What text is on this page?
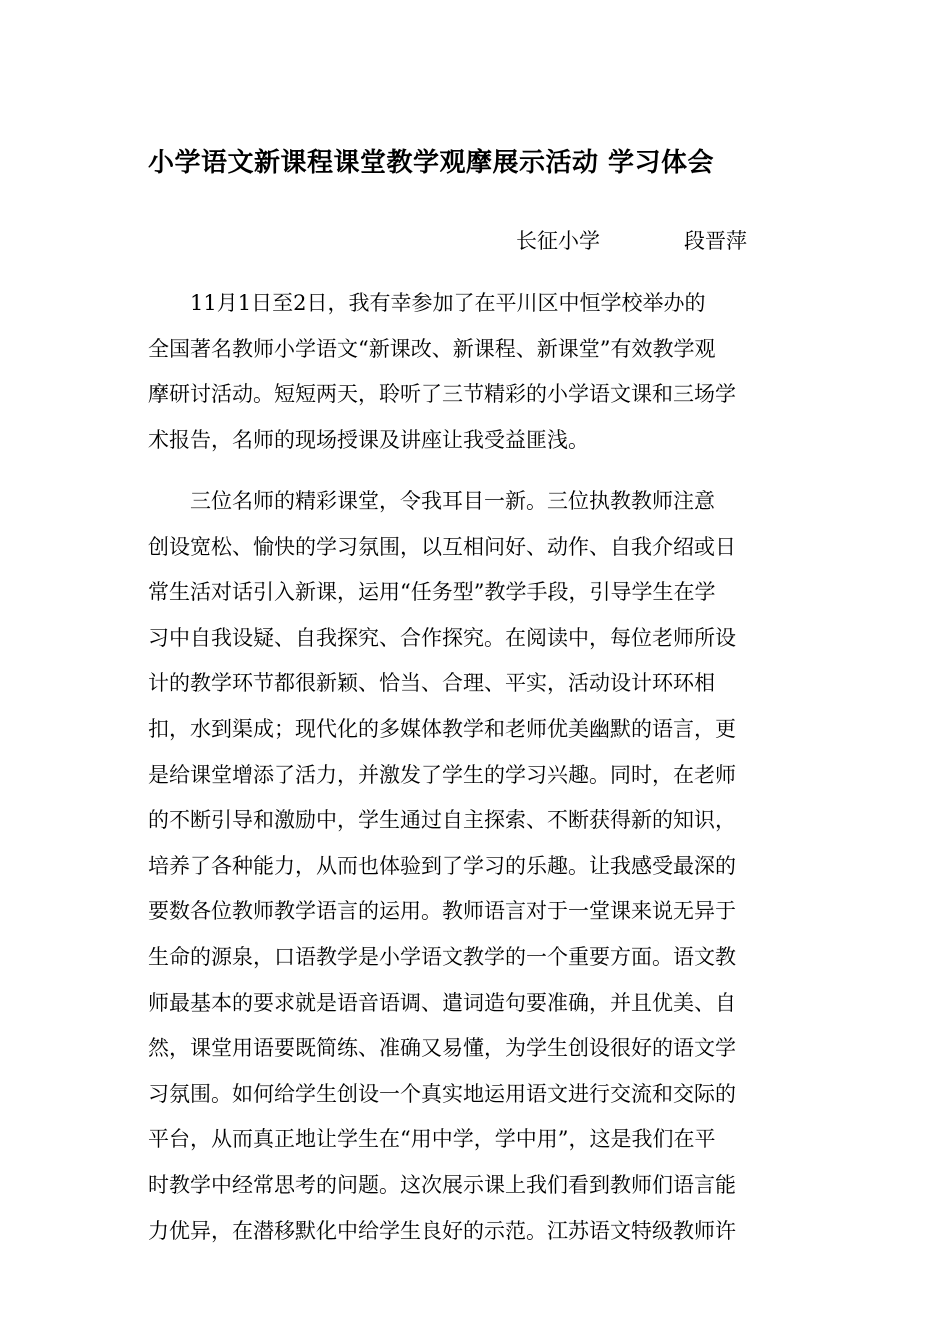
小学语文新课程课堂教学观摩展示活动 学习体会
长征小学	段晋萍
　　11月1日至2日，我有幸参加了在平川区中恒学校举办的
全国著名教师小学语文“新课改、新课程、新课堂”有效教学观
摩研讨活动。短短两天，聆听了三节精彩的小学语文课和三场学
术报告，名师的现场授课及讲座让我受益匪浅。
　　三位名师的精彩课堂，令我耳目一新。三位执教教师注意
创设宽松、愉快的学习氛围，以互相问好、动作、自我介绍或日
常生活对话引入新课，运用“任务型”教学手段，引导学生在学
习中自我设疑、自我探究、合作探究。在阅读中，每位老师所设
计的教学环节都很新颖、恰当、合理、平实，活动设计环环相
扣，水到渠成；现代化的多媒体教学和老师优美幽默的语言，更
是给课堂增添了活力，并激发了学生的学习兴趣。同时，在老师
的不断引导和激励中，学生通过自主探索、不断获得新的知识，
培养了各种能力，从而也体验到了学习的乐趣。让我感受最深的
要数各位教师教学语言的运用。教师语言对于一堂课来说无异于
生命的源泉，口语教学是小学语文教学的一个重要方面。语文教
师最基本的要求就是语音语调、遣词造句要准确，并且优美、自
然，课堂用语要既简练、准确又易懂，为学生创设很好的语文学
习氛围。如何给学生创设一个真实地运用语文进行交流和交际的
平台，从而真正地让学生在“用中学，学中用”，这是我们在平
时教学中经常思考的问题。这次展示课上我们看到教师们语言能
力优异，在潜移默化中给学生良好的示范。江苏语文特级教师许
